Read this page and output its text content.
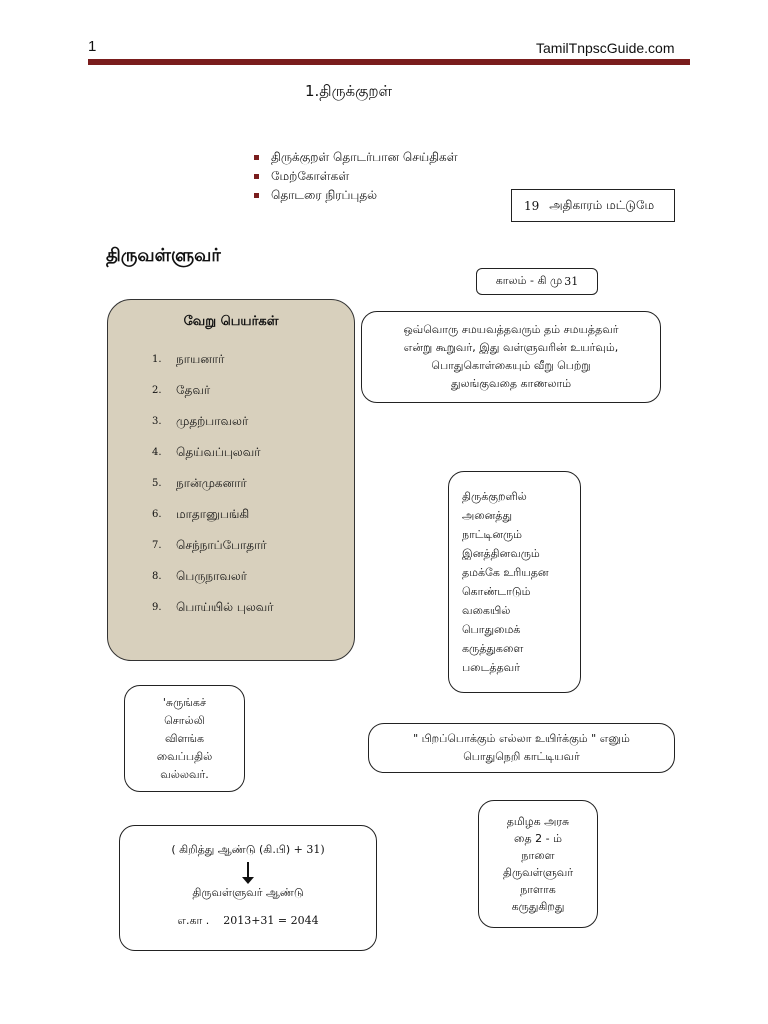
1	TamilTnpscGuide.com
1.திருக்குறள்
திருக்குறள் தொடர்பான செய்திகள்
மேற்கோள்கள்
தொடரை நிரப்புதல்
19 அதிகாரம் மட்டுமே
திருவள்ளுவர்
காலம் - கி மு 31
வேறு பெயர்கள்
1.	நாயனார்
2.	தேவர்
3.	முதற்பாவலர்
4.	தெய்வப்புலவர்
5.	நான்முகனார்
6.	மாதானுபங்கி
7.	செந்நாப்போதார்
8.	பெருநாவலர்
9.	பொய்யில் புலவர்
ஒவ்வொரு சமயவத்தவரும் தம் சமயத்தவர்
என்று கூறுவர், இது வள்ளுவரின் உயர்வும்,
பொதுகொள்கையும் வீறு பெற்று
துலங்குவதை காணலாம்
திருக்குறளில்
அனைத்து
நாட்டினரும்
இனத்தினவரும்
தமக்கே உரியதன
கொண்டாடும்
வகையில்
பொதுமைக்
கருத்துகளை
படைத்தவர்
'சுருங்கச்
சொல்லி
விளங்க
வைப்பதில்
வல்லவர்.
" பிறப்பொக்கும் எல்லா உயிர்க்கும் " எனும்
பொதுநெறி காட்டியவர்
( கிறித்து ஆண்டு (கி.பி) + 31)
திருவள்ளுவர் ஆண்டு
எ.கா . 2013+31 = 2044
தமிழக அரசு
தை 2 - ம்
நாளை
திருவள்ளுவர்
நாளாக
கருதுகிறது
